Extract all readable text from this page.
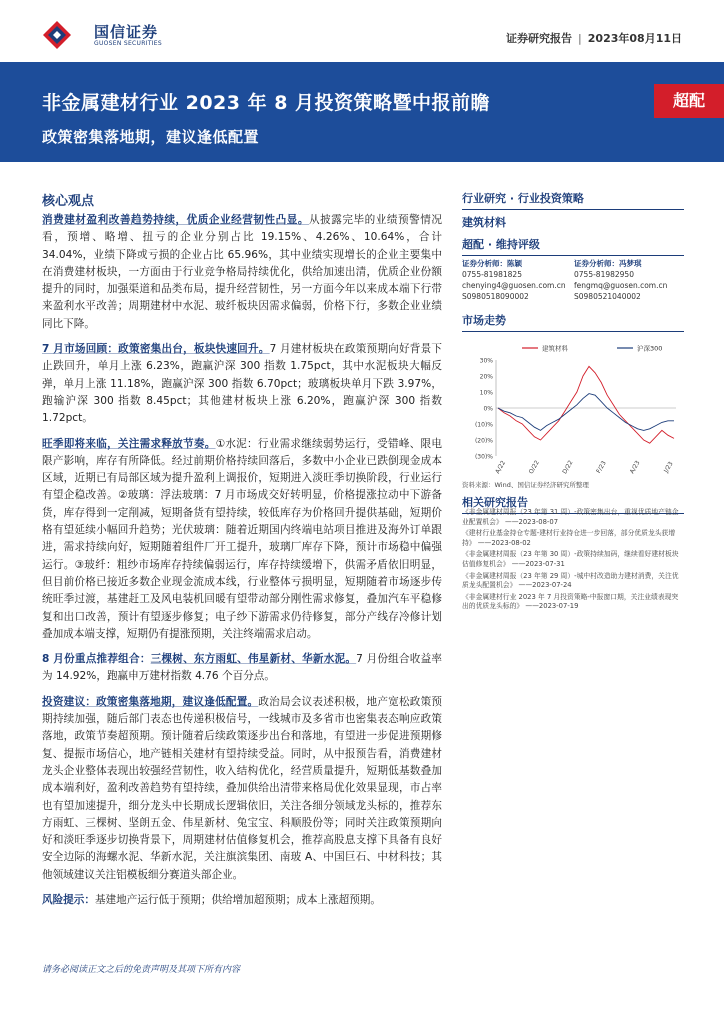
国信证券
GUOSEN SECURITIES	证券研究报告 | 2023年08月11日
非金属建材行业 2023 年 8 月投资策略暨中报前瞻
政策密集落地期，建议逢低配置
超配
核心观点

消费建材盈利改善趋势持续，优质企业经营韧性凸显。从披露完毕的业绩预警情况看，预增、略增、扭亏的企业分别占比 19.15%、4.26%、10.64%，合计 34.04%，业绩下降或亏损的企业占比 65.96%，其中业绩实现增长的企业主要集中在消费建材板块，一方面由于行业竞争格局持续优化，供给加速出清，优质企业份额提升的同时，加强渠道和品类布局，提升经营韧性，另一方面今年以来成本端下行带来盈利水平改善；周期建材中水泥、玻纤板块因需求偏弱，价格下行，多数企业业绩同比下降。

7 月市场回顾：政策密集出台，板块快速回升。7 月建材板块在政策预期向好背景下止跌回升，单月上涨 6.23%，跑赢沪深 300 指数 1.75pct，其中水泥板块大幅反弹，单月上涨 11.18%，跑赢沪深 300 指数 6.70pct；玻璃板块单月下跌 3.97%，跑输沪深 300 指数 8.45pct；其他建材板块上涨 6.20%，跑赢沪深 300 指数 1.72pct。

旺季即将来临，关注需求释放节奏。①水泥：行业需求继续弱势运行，受错峰、限电限产影响，库存有所降低。经过前期价格持续回落后，多数中小企业已跌倒现金成本区域，近期已有局部区域为提升盈利上调报价，短期进入淡旺季切换阶段，行业运行有望企稳改善。②玻璃：浮法玻璃：7 月市场成交好转明显，价格提涨拉动中下游备货，库存得到一定削减，短期备货有望持续，较低库存为价格回升提供基础，短期价格有望延续小幅回升趋势；光伏玻璃：随着近期国内终端电站项目推进及海外订单跟进，需求持续向好，短期随着组件厂开工提升，玻璃厂库存下降，预计市场稳中偏强运行。③玻纤：粗纱市场库存持续偏弱运行，库存持续缓增下，供需矛盾依旧明显，但目前价格已接近多数企业现金流成本线，行业整体亏损明显，短期随着市场逐步传统旺季过渡，基建赶工及风电装机回暖有望带动部分刚性需求修复，叠加汽车平稳修复和出口改善，预计有望逐步修复；电子纱下游需求仍待修复，部分产线存冷修计划叠加成本端支撑，短期仍有提涨预期，关注终端需求启动。

8 月份重点推荐组合：三棵树、东方雨虹、伟星新材、华新水泥。7 月份组合收益率为 14.92%，跑赢申万建材指数 4.76 个百分点。

投资建议：政策密集落地期，建议逢低配置。政治局会议表述积极，地产宽松政策预期持续加强，随后部门表态也传递积极信号，一线城市及多省市也密集表态响应政策落地，政策节奏超预期。预计随着后续政策逐步出台和落地，有望进一步促进预期修复、提振市场信心，地产链相关建材有望持续受益。同时，从中报预告看，消费建材龙头企业整体表现出较强经营韧性，收入结构优化，经营质量提升，短期低基数叠加成本端利好，盈利改善趋势有望持续，叠加供给出清带来格局优化效果显现，市占率也有望加速提升，细分龙头中长期成长逻辑依旧，关注各细分领域龙头标的，推荐东方雨虹、三棵树、坚朗五金、伟星新材、兔宝宝、科顺股份等；同时关注政策预期向好和淡旺季逐步切换背景下，周期建材估值修复机会，推荐高股息支撑下具备有良好安全边际的海螺水泥、华新水泥，关注旗滨集团、南玻 A、中国巨石、中材科技；其他领域建议关注铝模板细分赛道头部企业。

风险提示：基建地产运行低于预期；供给增加超预期；成本上涨超预期。

行业研究 · 行业投资策略
建筑材料
超配 · 维持评级
证券分析师：陈颖
0755-81981825
chenying4@guosen.com.cn
S0980518090002
证券分析师：冯梦琪
0755-81982950
fengmq@guosen.com.cn
S0980521040002
市场走势
30%
20%
10%
0%
(10)%
(20)%
(30)%
A/22	O/22	D/22	F/23	A/23	J/23
建筑材料	沪深300
资料来源：Wind、国信证券经济研究所整理
相关研究报告
《非金属建材周报（23 年第 31 周）-政策密集出台，重视优质地产链企业配置机会》 ——2023-08-07
《建材行业基金持仓专题-建材行业持仓进一步回落，部分优质龙头获增持》 ——2023-08-02
《非金属建材周报（23 年第 30 周）-政策持续加码，继续看好建材板块估值修复机会》 ——2023-07-31
《非金属建材周报（23 年第 29 周）-城中村改造助力建材消费，关注优质龙头配置机会》 ——2023-07-24
《非金属建材行业 2023 年 7 月投资策略-中报窗口期，关注业绩表现突出的优质龙头标的》 ——2023-07-19
请务必阅读正文之后的免责声明及其项下所有内容
